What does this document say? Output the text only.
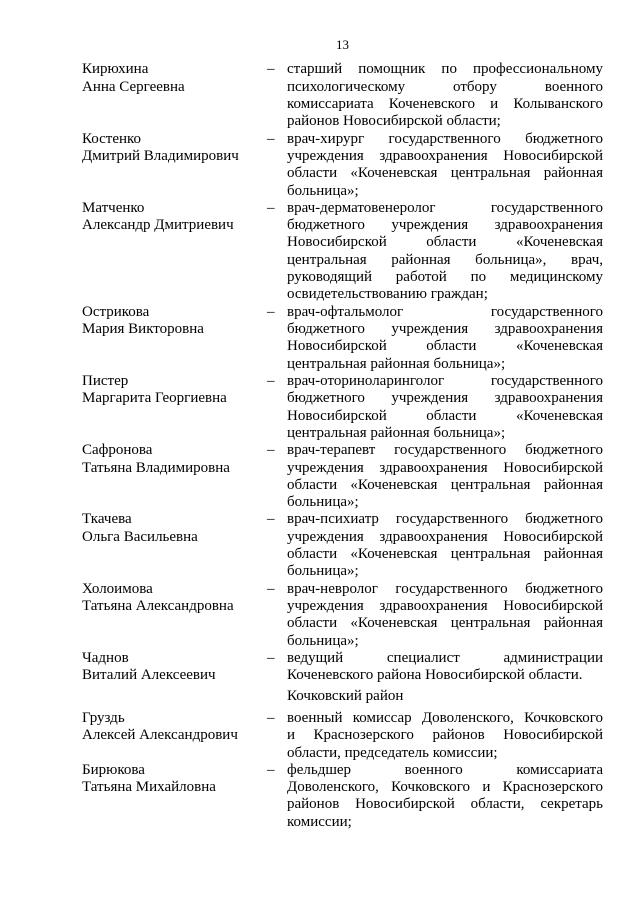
13
Кирюхина
Анна Сергеевна
– старший помощник по профессиональному
психологическому отбору военного
комиссариата Коченевского и Колыванского
районов Новосибирской области;
Костенко
Дмитрий Владимирович
– врач-хирург государственного бюджетного
учреждения здравоохранения Новосибирской
области «Коченевская центральная районная
больница»;
Матченко
Александр Дмитриевич
– врач-дерматовенеролог государственного
бюджетного учреждения здравоохранения
Новосибирской области «Коченевская
центральная районная больница», врач,
руководящий работой по медицинскому
освидетельствованию граждан;
Острикова
Мария Викторовна
– врач-офтальмолог государственного
бюджетного учреждения здравоохранения
Новосибирской области «Коченевская
центральная районная больница»;
Пистер
Маргарита Георгиевна
– врач-оториноларинголог государственного
бюджетного учреждения здравоохранения
Новосибирской области «Коченевская
центральная районная больница»;
Сафронова
Татьяна Владимировна
– врач-терапевт государственного бюджетного
учреждения здравоохранения Новосибирской
области «Коченевская центральная районная
больница»;
Ткачева
Ольга Васильевна
– врач-психиатр государственного бюджетного
учреждения здравоохранения Новосибирской
области «Коченевская центральная районная
больница»;
Холоимова
Татьяна Александровна
– врач-невролог государственного бюджетного
учреждения здравоохранения Новосибирской
области «Коченевская центральная районная
больница»;
Чаднов
Виталий Алексеевич
– ведущий специалист администрации
Коченевского района Новосибирской области.
Кочковский район
Груздь
Алексей Александрович
– военный комиссар Доволенского, Кочковского
и Краснозерского районов Новосибирской
области, председатель комиссии;
Бирюкова
Татьяна Михайловна
– фельдшер военного комиссариата
Доволенского, Кочковского и Краснозерского
районов Новосибирской области, секретарь
комиссии;
